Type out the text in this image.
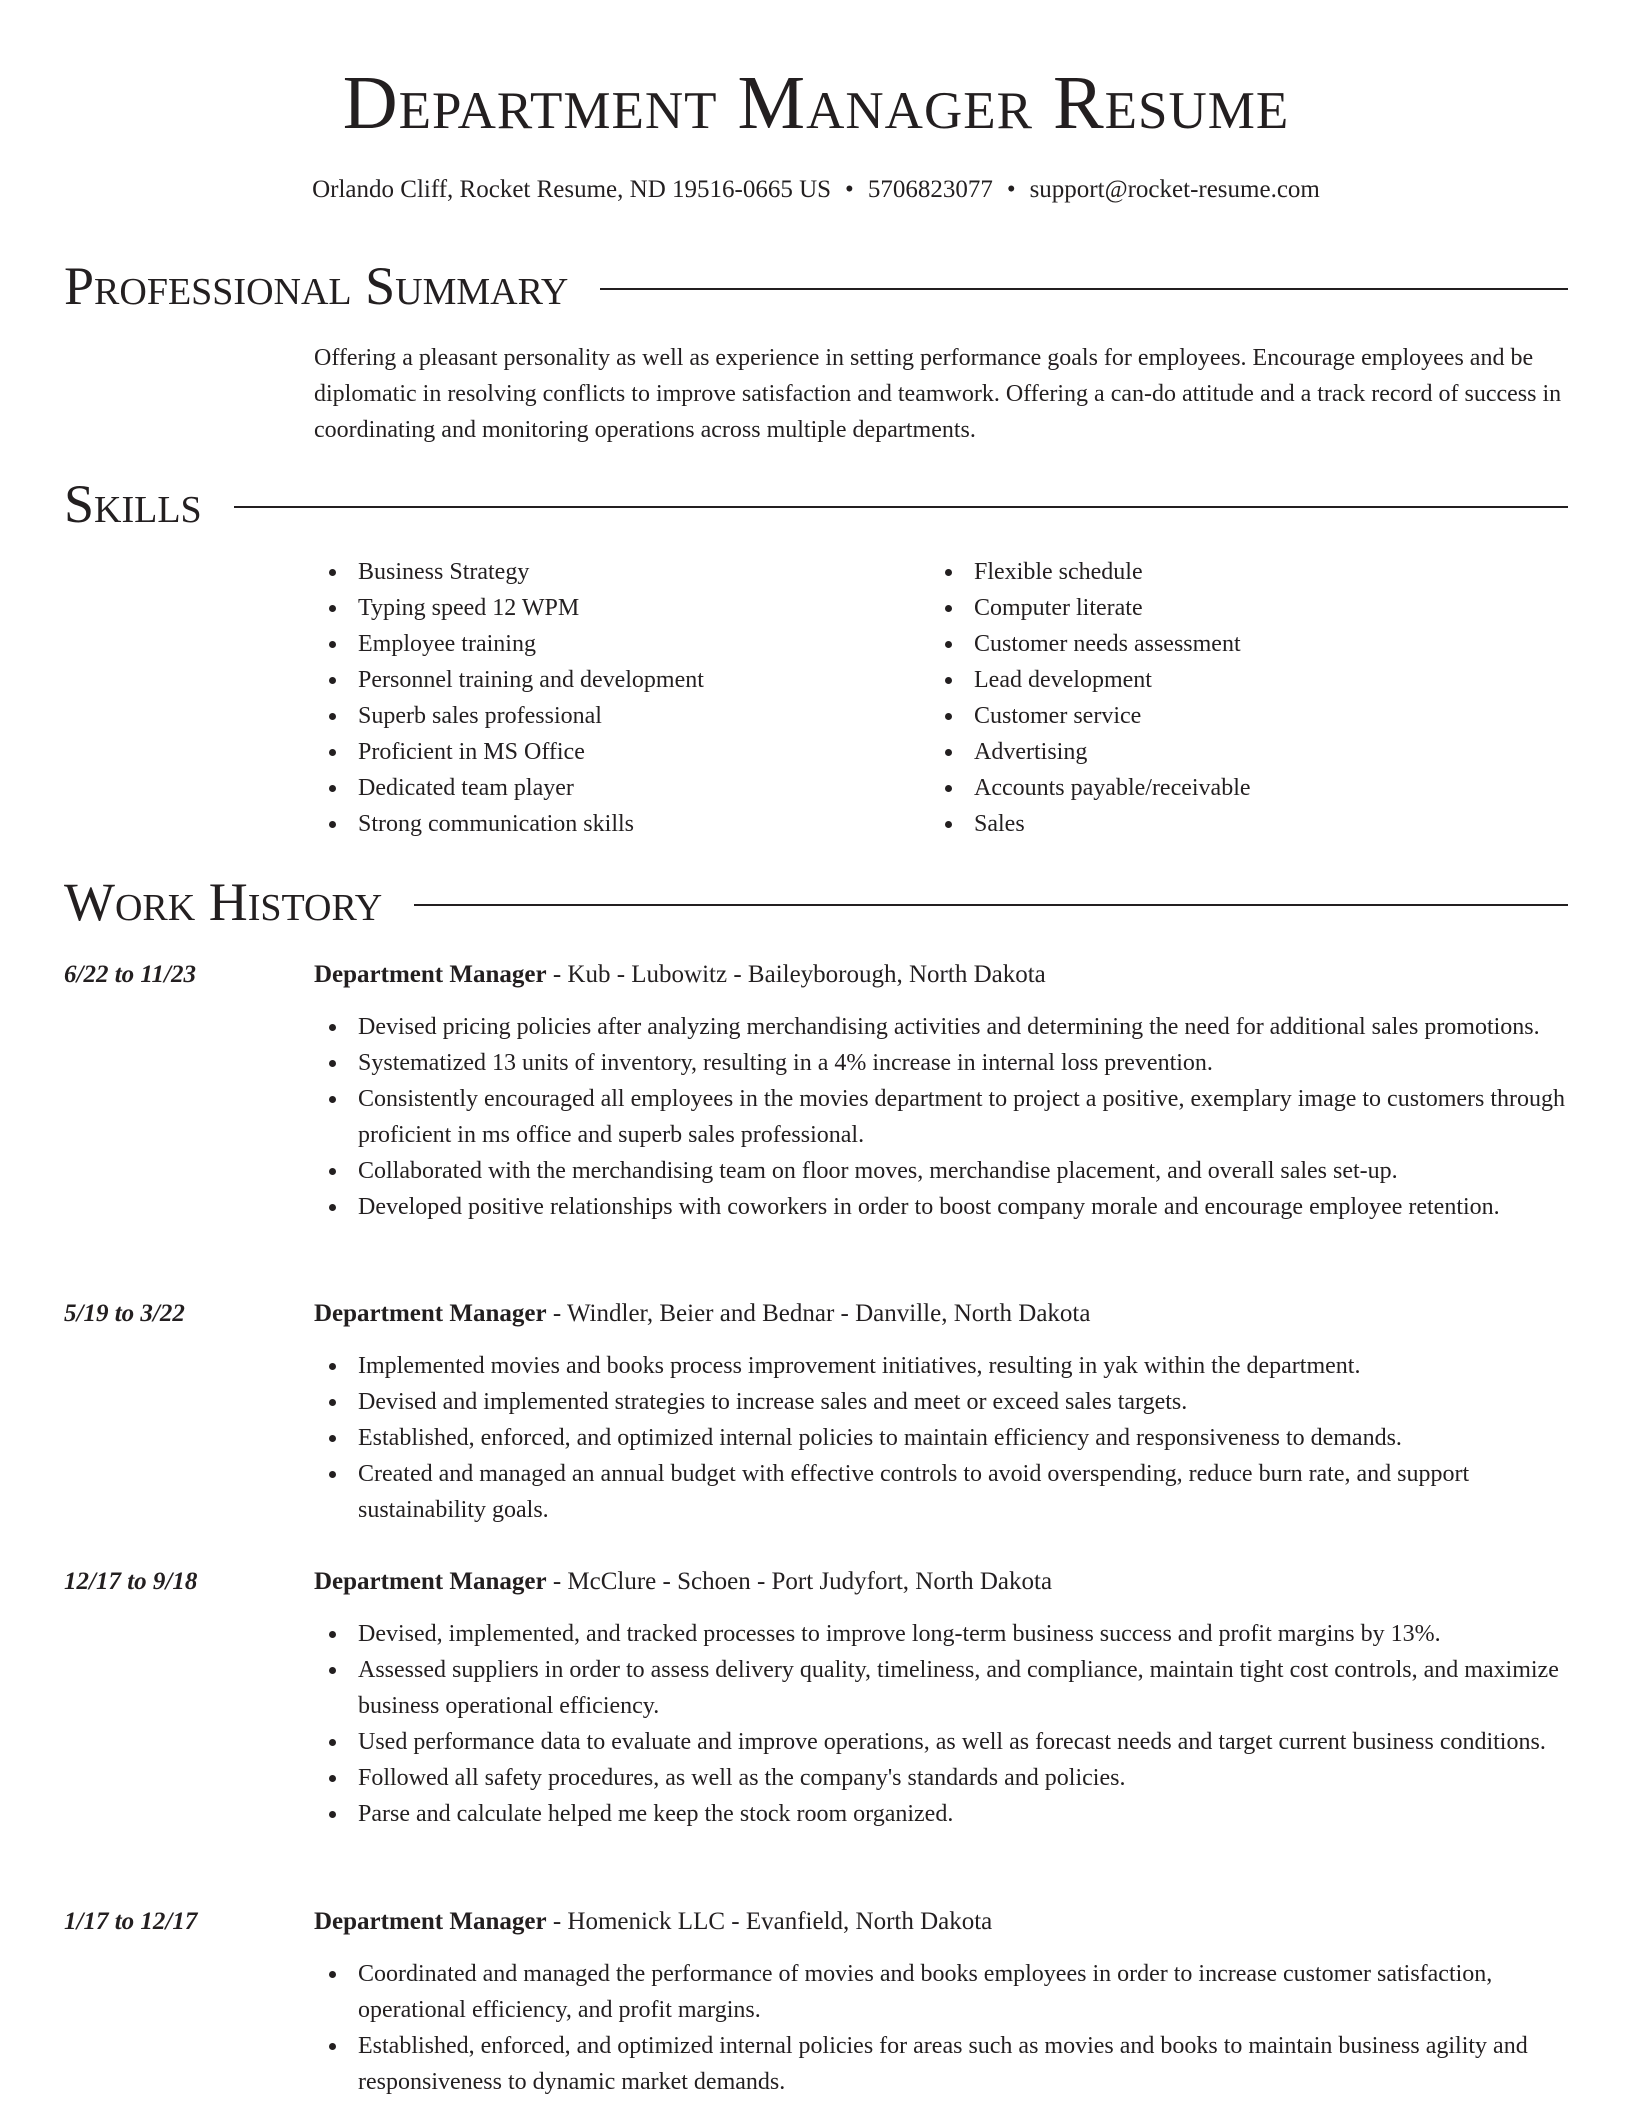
Department Manager Resume
Orlando Cliff, Rocket Resume, ND 19516-0665 US • 5706823077 • support@rocket-resume.com
Professional Summary
Offering a pleasant personality as well as experience in setting performance goals for employees. Encourage employees and be diplomatic in resolving conflicts to improve satisfaction and teamwork. Offering a can-do attitude and a track record of success in coordinating and monitoring operations across multiple departments.
Skills
Business Strategy
Typing speed 12 WPM
Employee training
Personnel training and development
Superb sales professional
Proficient in MS Office
Dedicated team player
Strong communication skills
Flexible schedule
Computer literate
Customer needs assessment
Lead development
Customer service
Advertising
Accounts payable/receivable
Sales
Work History
6/22 to 11/23	Department Manager - Kub - Lubowitz - Baileyborough, North Dakota
Devised pricing policies after analyzing merchandising activities and determining the need for additional sales promotions.
Systematized 13 units of inventory, resulting in a 4% increase in internal loss prevention.
Consistently encouraged all employees in the movies department to project a positive, exemplary image to customers through proficient in ms office and superb sales professional.
Collaborated with the merchandising team on floor moves, merchandise placement, and overall sales set-up.
Developed positive relationships with coworkers in order to boost company morale and encourage employee retention.
5/19 to 3/22	Department Manager - Windler, Beier and Bednar - Danville, North Dakota
Implemented movies and books process improvement initiatives, resulting in yak within the department.
Devised and implemented strategies to increase sales and meet or exceed sales targets.
Established, enforced, and optimized internal policies to maintain efficiency and responsiveness to demands.
Created and managed an annual budget with effective controls to avoid overspending, reduce burn rate, and support sustainability goals.
12/17 to 9/18	Department Manager - McClure - Schoen - Port Judyfort, North Dakota
Devised, implemented, and tracked processes to improve long-term business success and profit margins by 13%.
Assessed suppliers in order to assess delivery quality, timeliness, and compliance, maintain tight cost controls, and maximize business operational efficiency.
Used performance data to evaluate and improve operations, as well as forecast needs and target current business conditions.
Followed all safety procedures, as well as the company's standards and policies.
Parse and calculate helped me keep the stock room organized.
1/17 to 12/17	Department Manager - Homenick LLC - Evanfield, North Dakota
Coordinated and managed the performance of movies and books employees in order to increase customer satisfaction, operational efficiency, and profit margins.
Established, enforced, and optimized internal policies for areas such as movies and books to maintain business agility and responsiveness to dynamic market demands.
